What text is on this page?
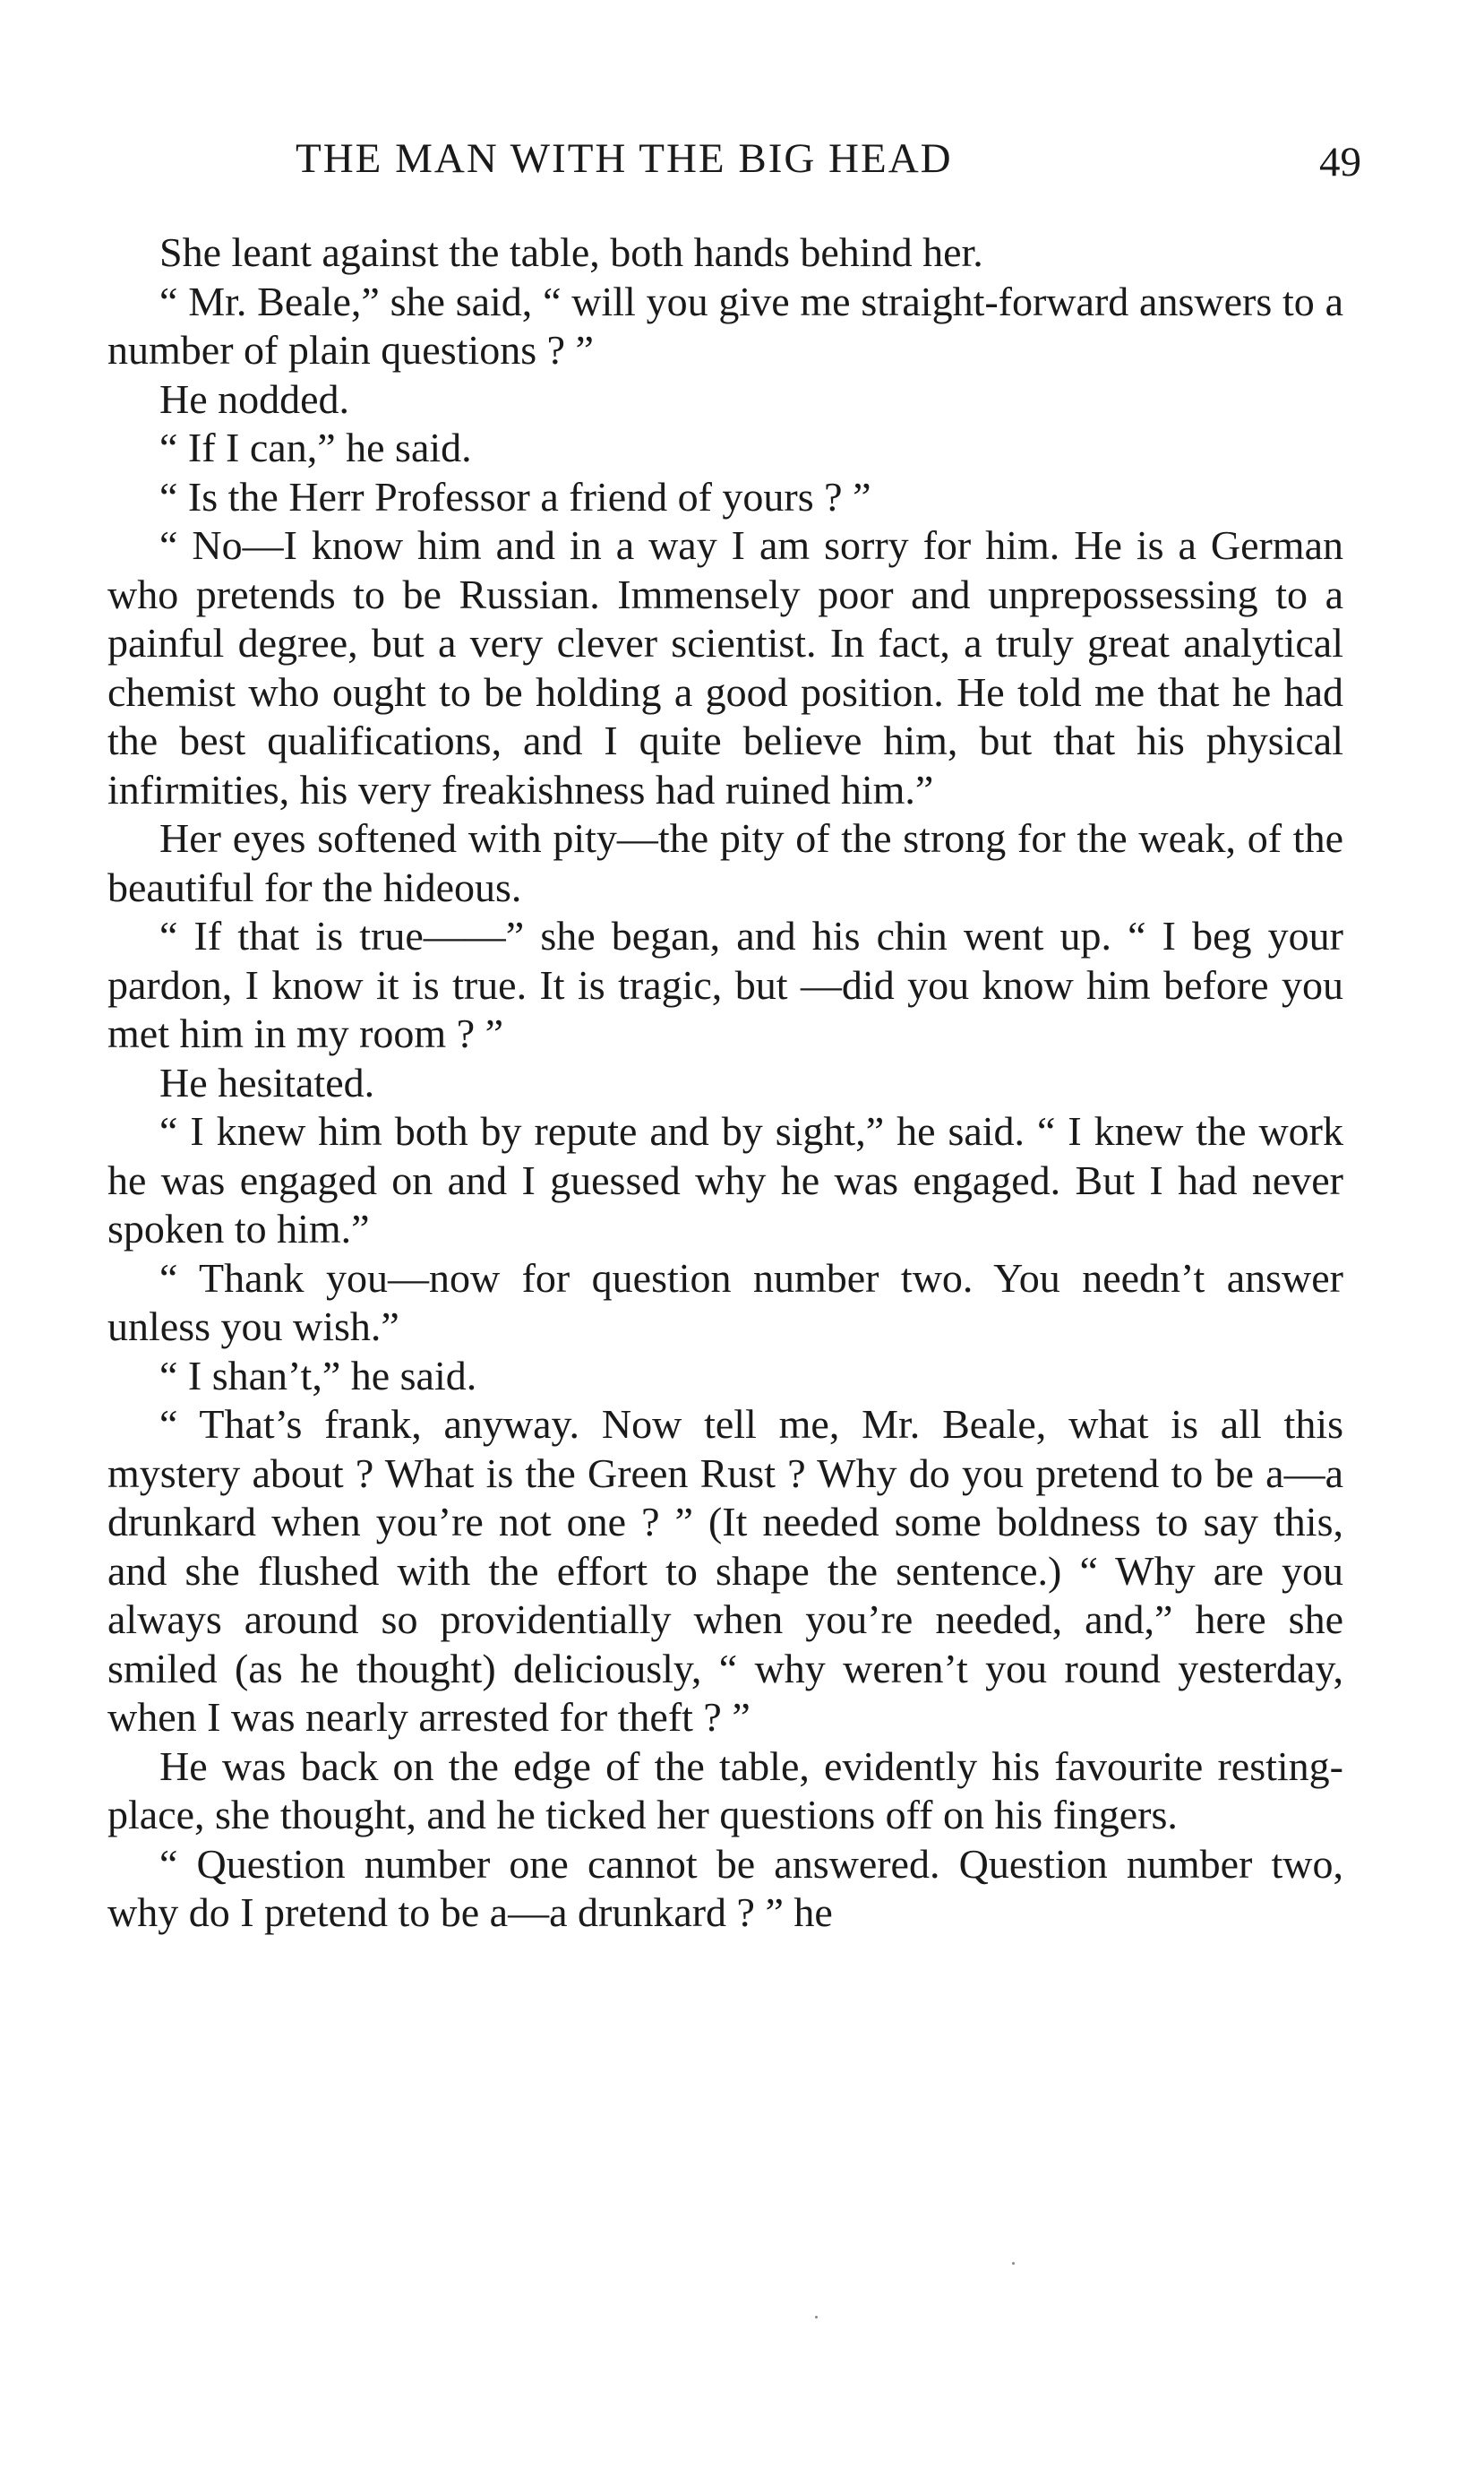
THE MAN WITH THE BIG HEAD	49

She leant against the table, both hands behind her.

“ Mr. Beale,” she said, “ will you give me straight-forward answers to a number of plain questions ? ”

He nodded.

“ If I can,” he said.

“ Is the Herr Professor a friend of yours ? ”

“ No—I know him and in a way I am sorry for him. He is a German who pretends to be Russian. Immensely poor and unprepossessing to a painful degree, but a very clever scientist. In fact, a truly great analytical chemist who ought to be holding a good position. He told me that he had the best qualifications, and I quite believe him, but that his physical infirmities, his very freakishness had ruined him.”

Her eyes softened with pity—the pity of the strong for the weak, of the beautiful for the hideous.

“ If that is true——” she began, and his chin went up. “ I beg your pardon, I know it is true. It is tragic, but —did you know him before you met him in my room ? ”

He hesitated.

“ I knew him both by repute and by sight,” he said. “ I knew the work he was engaged on and I guessed why he was engaged. But I had never spoken to him.”

“ Thank you—now for question number two. You needn’t answer unless you wish.”

“ I shan’t,” he said.

“ That’s frank, anyway. Now tell me, Mr. Beale, what is all this mystery about ? What is the Green Rust ? Why do you pretend to be a—a drunkard when you’re not one ? ” (It needed some boldness to say this, and she flushed with the effort to shape the sentence.) “ Why are you always around so providentially when you’re needed, and,” here she smiled (as he thought) deliciously, “ why weren’t you round yesterday, when I was nearly arrested for theft ? ”

He was back on the edge of the table, evidently his favourite resting-place, she thought, and he ticked her questions off on his fingers.

“ Question number one cannot be answered. Question number two, why do I pretend to be a—a drunkard ? ” he
